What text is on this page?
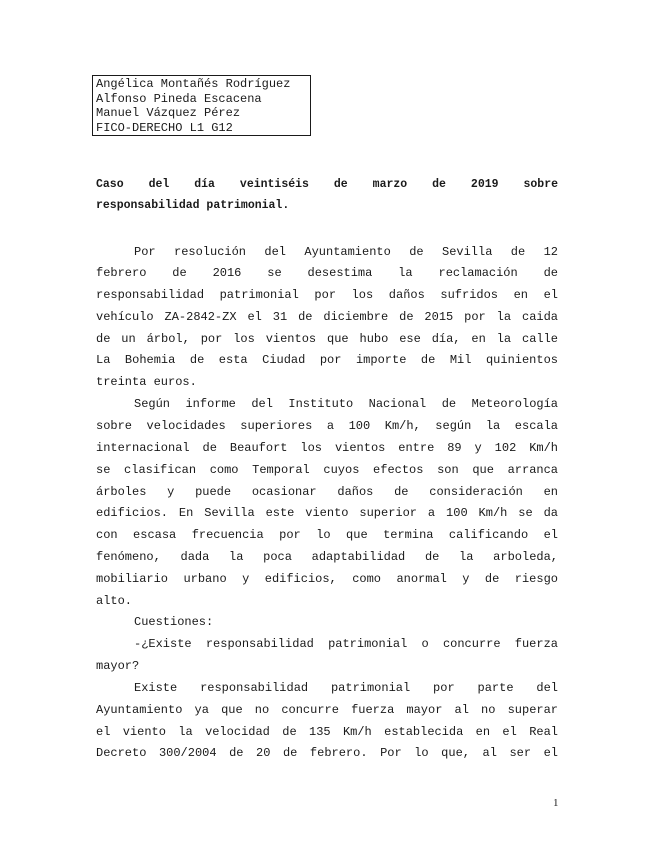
Angélica Montañés Rodríguez
Alfonso Pineda Escacena
Manuel Vázquez Pérez
FICO-DERECHO L1 G12
Caso del día veintiséis de marzo de 2019 sobre
responsabilidad patrimonial.
Por resolución del Ayuntamiento de Sevilla de 12
febrero de 2016 se desestima la reclamación de
responsabilidad patrimonial por los daños sufridos en el
vehículo ZA-2842-ZX el 31 de diciembre de 2015 por la caida
de un árbol, por los vientos que hubo ese día, en la calle
La Bohemia de esta Ciudad por importe de Mil quinientos
treinta euros.
Según informe del Instituto Nacional de Meteorología
sobre velocidades superiores a 100 Km/h, según la escala
internacional de Beaufort los vientos entre 89 y 102 Km/h
se clasifican como Temporal cuyos efectos son que arranca
árboles y puede ocasionar daños de consideración en
edificios. En Sevilla este viento superior a 100 Km/h se da
con escasa frecuencia por lo que termina calificando el
fenómeno, dada la poca adaptabilidad de la arboleda,
mobiliario urbano y edificios, como anormal y de riesgo
alto.
Cuestiones:
-¿Existe responsabilidad patrimonial o concurre fuerza
mayor?
Existe responsabilidad patrimonial por parte del
Ayuntamiento ya que no concurre fuerza mayor al no superar
el viento la velocidad de 135 Km/h establecida en el Real
Decreto 300/2004 de 20 de febrero. Por lo que, al ser el
1
